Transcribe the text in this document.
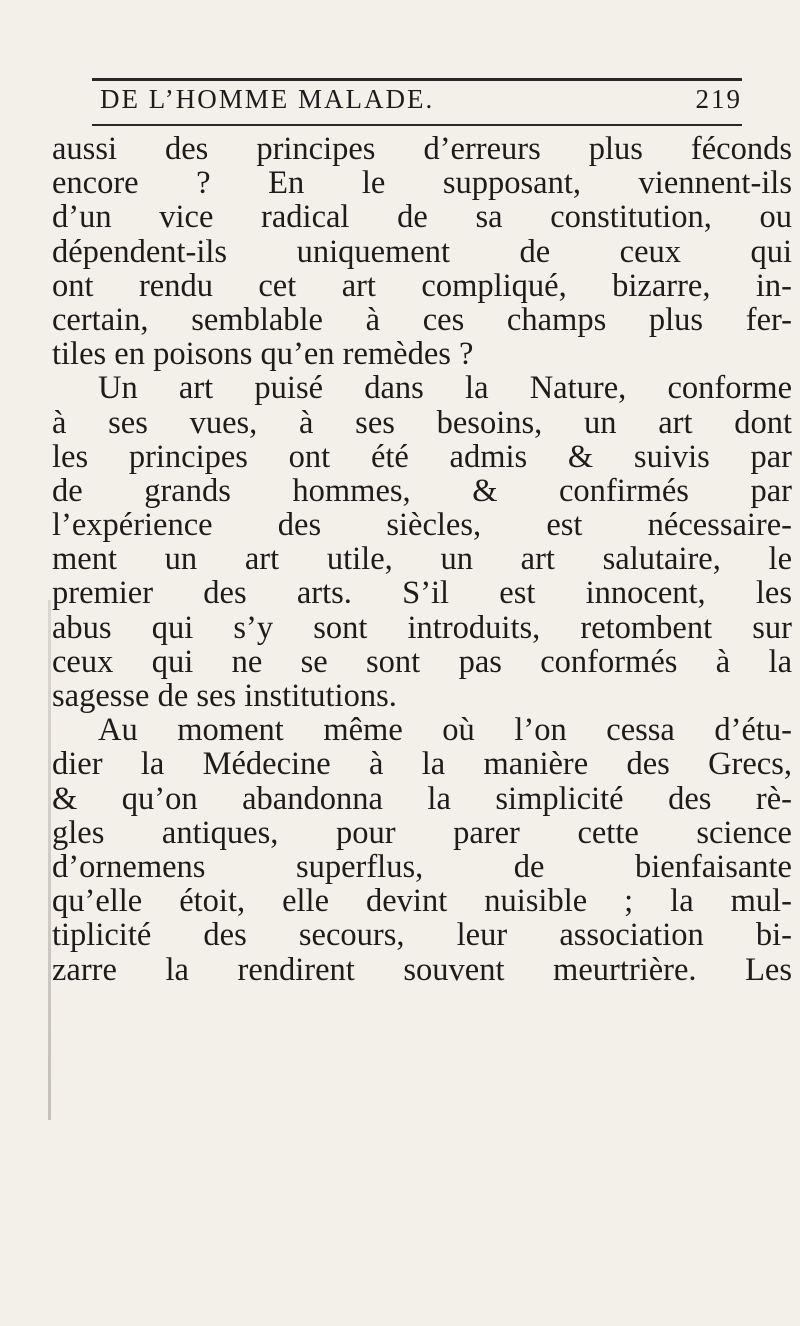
DE L’HOMME MALADE.	219
aussi des principes d’erreurs plus féconds
encore ? En le supposant, viennent-ils
d’un vice radical de sa constitution, ou
dépendent-ils uniquement de ceux qui
ont rendu cet art compliqué, bizarre, in-
certain, semblable à ces champs plus fer-
tiles en poisons qu’en remèdes ?
Un art puisé dans la Nature, conforme
à ses vues, à ses besoins, un art dont
les principes ont été admis & suivis par
de grands hommes, & confirmés par
l’expérience des siècles, est nécessaire-
ment un art utile, un art salutaire, le
premier des arts. S’il est innocent, les
abus qui s’y sont introduits, retombent sur
ceux qui ne se sont pas conformés à la
sagesse de ses institutions.
Au moment même où l’on cessa d’étu-
dier la Médecine à la manière des Grecs,
& qu’on abandonna la simplicité des rè-
gles antiques, pour parer cette science
d’ornemens superflus, de bienfaisante
qu’elle étoit, elle devint nuisible ; la mul-
tiplicité des secours, leur association bi-
zarre la rendirent souvent meurtrière. Les
